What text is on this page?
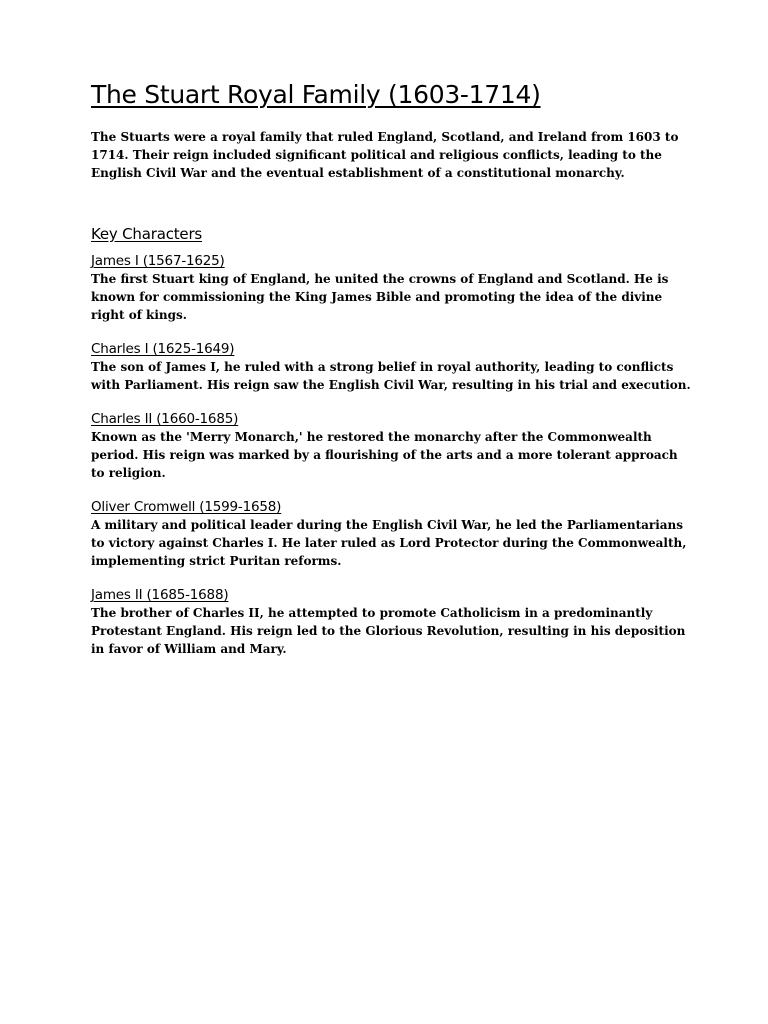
The Stuart Royal Family (1603-1714)

The Stuarts were a royal family that ruled England, Scotland, and Ireland from 1603 to 1714. Their reign included significant political and religious conflicts, leading to the English Civil War and the eventual establishment of a constitutional monarchy.

Key Characters
James I (1567-1625)

The first Stuart king of England, he united the crowns of England and Scotland. He is known for commissioning the King James Bible and promoting the idea of the divine right of kings.

Charles I (1625-1649)

The son of James I, he ruled with a strong belief in royal authority, leading to conflicts with Parliament. His reign saw the English Civil War, resulting in his trial and execution.

Charles II (1660-1685)

Known as the 'Merry Monarch,' he restored the monarchy after the Commonwealth period. His reign was marked by a flourishing of the arts and a more tolerant approach to religion.

Oliver Cromwell (1599-1658)

A military and political leader during the English Civil War, he led the Parliamentarians to victory against Charles I. He later ruled as Lord Protector during the Commonwealth, implementing strict Puritan reforms.

James II (1685-1688)

The brother of Charles II, he attempted to promote Catholicism in a predominantly Protestant England. His reign led to the Glorious Revolution, resulting in his deposition in favor of William and Mary.
